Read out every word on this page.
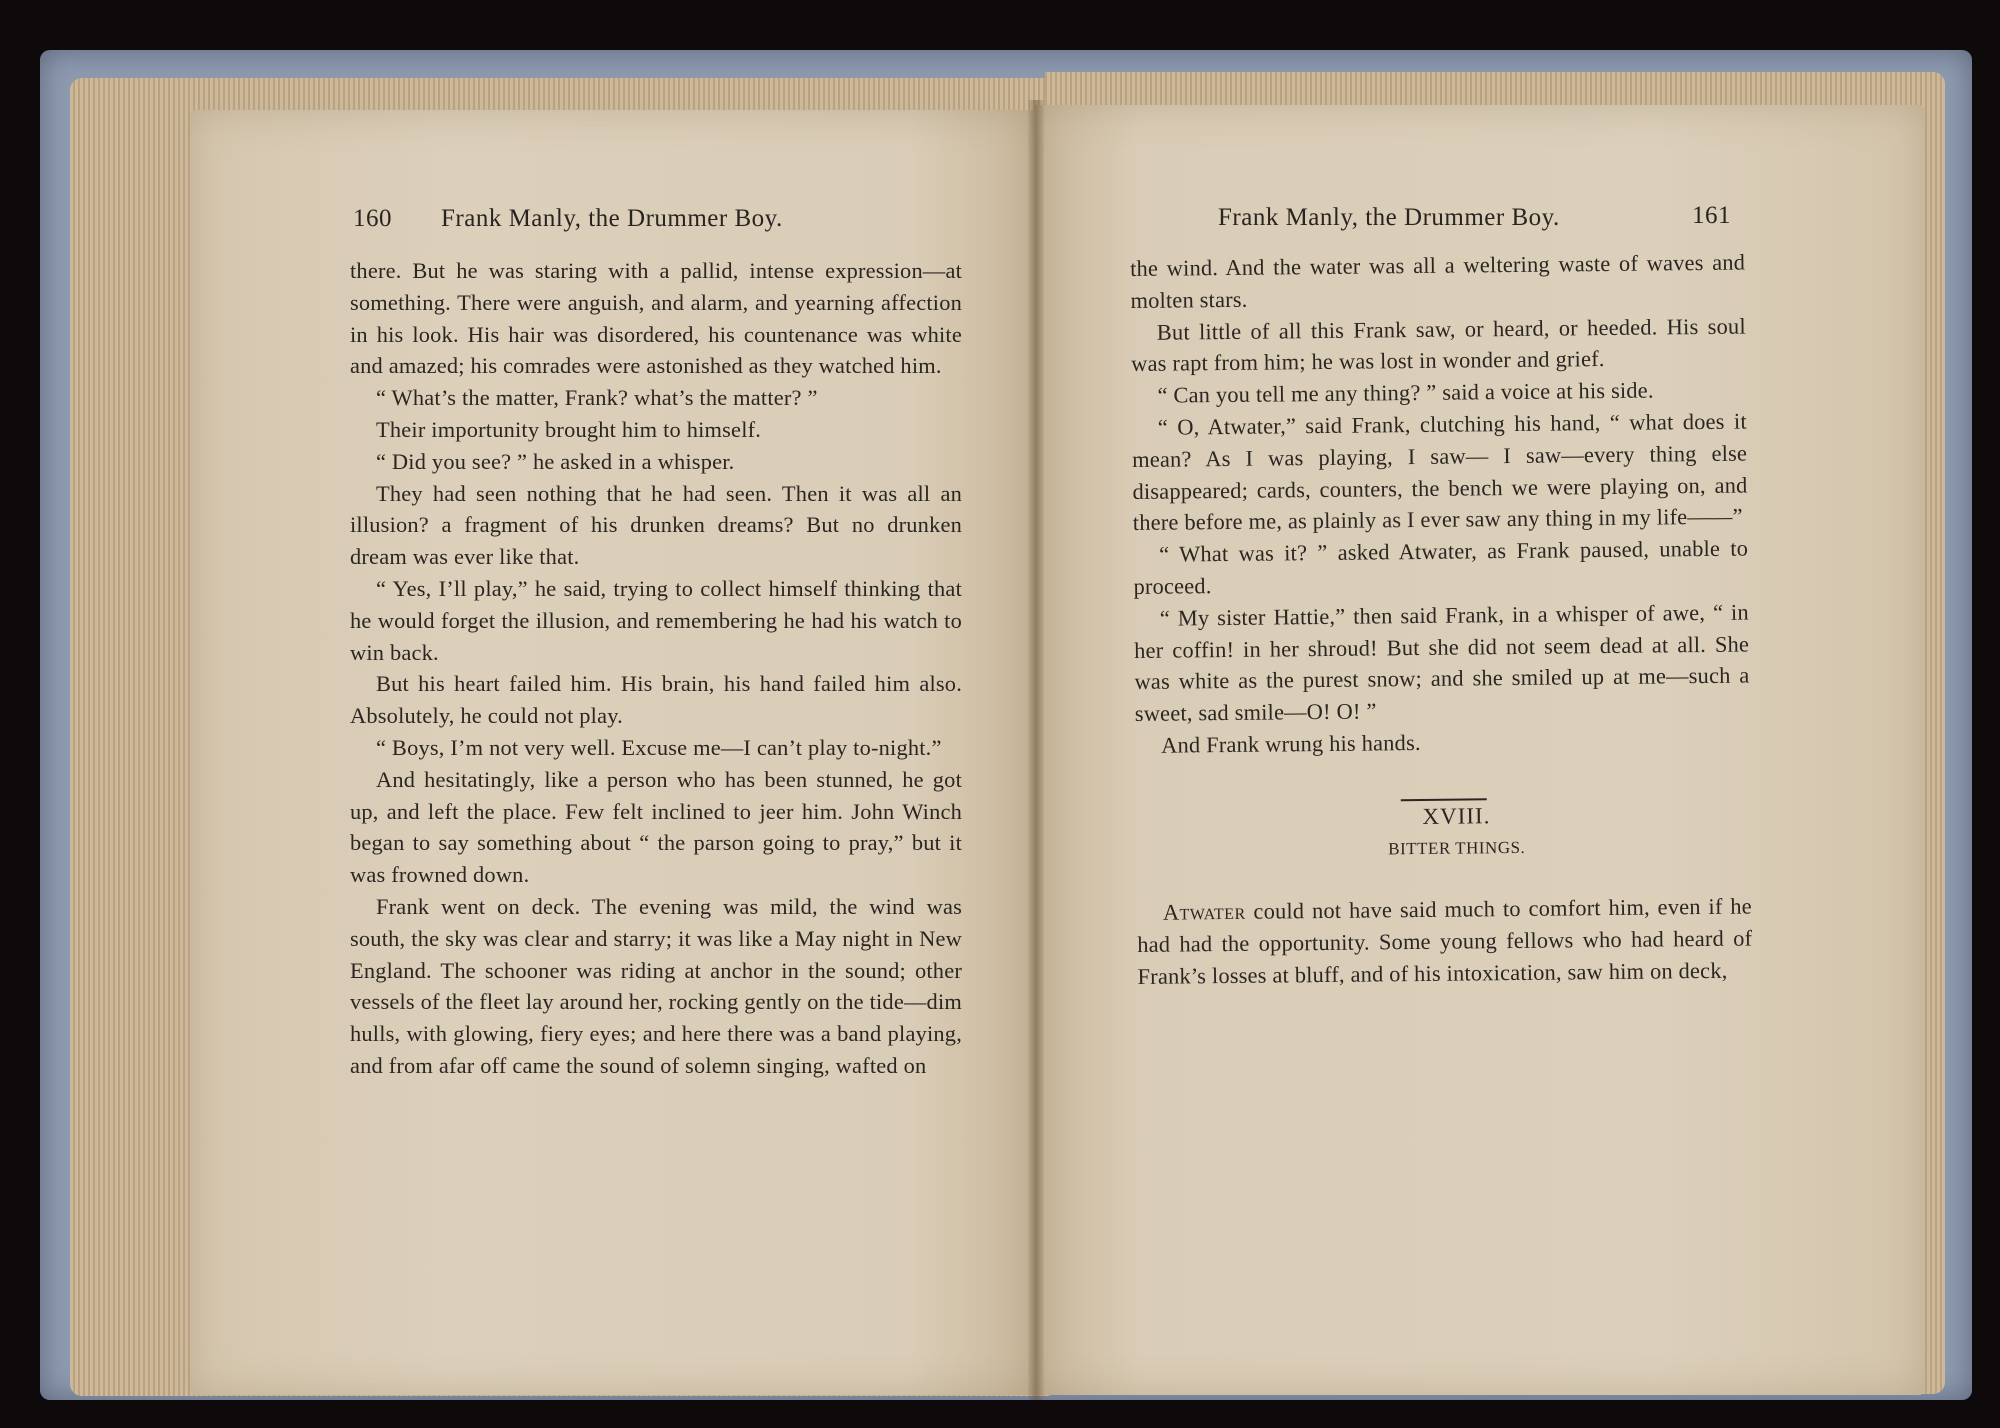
160 Frank Manly, the Drummer Boy.	Frank Manly, the Drummer Boy.	161

there. But he was staring with a pallid, intense expression—at something. There were anguish, and alarm, and yearning affection in his look. His hair was disordered, his countenance was white and amazed; his comrades were astonished as they watched him.

“ What’s the matter, Frank? what’s the matter? ”

Their importunity brought him to himself.

“ Did you see? ” he asked in a whisper.

They had seen nothing that he had seen. Then it was all an illusion? a fragment of his drunken dreams? But no drunken dream was ever like that.

“ Yes, I’ll play,” he said, trying to collect himself thinking that he would forget the illusion, and remembering he had his watch to win back.

But his heart failed him. His brain, his hand failed him also. Absolutely, he could not play.

“ Boys, I’m not very well. Excuse me—I can’t play to-night.”

And hesitatingly, like a person who has been stunned, he got up, and left the place. Few felt inclined to jeer him. John Winch began to say something about “ the parson going to pray,” but it was frowned down.

Frank went on deck. The evening was mild, the wind was south, the sky was clear and starry; it was like a May night in New England. The schooner was riding at anchor in the sound; other vessels of the fleet lay around her, rocking gently on the tide—dim hulls, with glowing, fiery eyes; and here there was a band playing, and from afar off came the sound of solemn singing, wafted on

the wind. And the water was all a weltering waste of waves and molten stars.

But little of all this Frank saw, or heard, or heeded. His soul was rapt from him; he was lost in wonder and grief.

“ Can you tell me any thing? ” said a voice at his side.

“ O, Atwater,” said Frank, clutching his hand, “ what does it mean? As I was playing, I saw— I saw—every thing else disappeared; cards, counters, the bench we were playing on, and there before me, as plainly as I ever saw any thing in my life——”

“ What was it? ” asked Atwater, as Frank paused, unable to proceed.

“ My sister Hattie,” then said Frank, in a whisper of awe, “ in her coffin! in her shroud! But she did not seem dead at all. She was white as the purest snow; and she smiled up at me—such a sweet, sad smile—O! O! ”

And Frank wrung his hands.

XVIII.

BITTER THINGS.

Atwater could not have said much to comfort him, even if he had had the opportunity. Some young fellows who had heard of Frank’s losses at bluff, and of his intoxication, saw him on deck,
